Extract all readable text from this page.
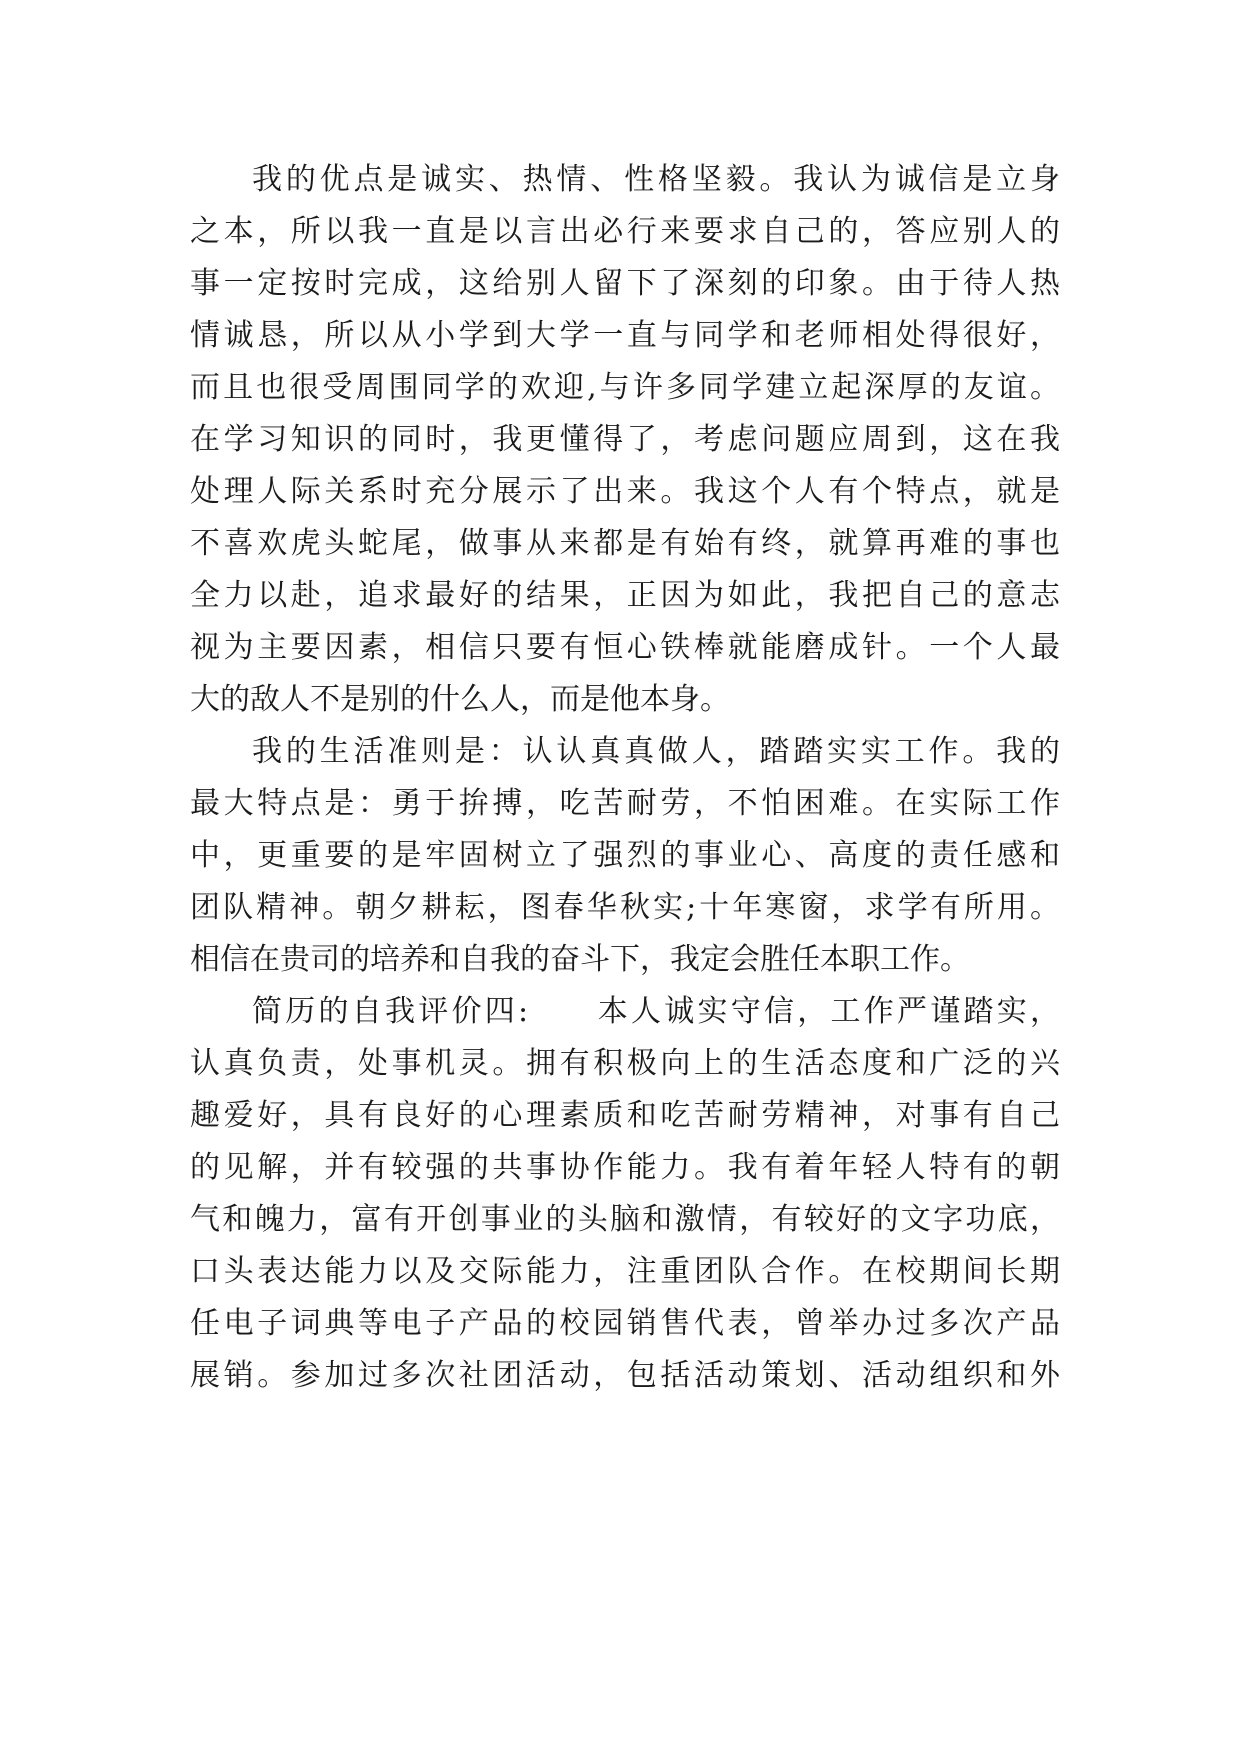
我的优点是诚实、热情、性格坚毅。我认为诚信是立身
之本，所以我一直是以言出必行来要求自己的，答应别人的
事一定按时完成，这给别人留下了深刻的印象。由于待人热
情诚恳，所以从小学到大学一直与同学和老师相处得很好，
而且也很受周围同学的欢迎,与许多同学建立起深厚的友谊。
在学习知识的同时，我更懂得了，考虑问题应周到，这在我
处理人际关系时充分展示了出来。我这个人有个特点，就是
不喜欢虎头蛇尾，做事从来都是有始有终，就算再难的事也
全力以赴，追求最好的结果，正因为如此，我把自己的意志
视为主要因素，相信只要有恒心铁棒就能磨成针。一个人最
大的敌人不是别的什么人，而是他本身。
我的生活准则是：认认真真做人，踏踏实实工作。我的
最大特点是：勇于拚搏，吃苦耐劳，不怕困难。在实际工作
中，更重要的是牢固树立了强烈的事业心、高度的责任感和
团队精神。朝夕耕耘，图春华秋实;十年寒窗，求学有所用。
相信在贵司的培养和自我的奋斗下，我定会胜任本职工作。
简历的自我评价四:　　本人诚实守信，工作严谨踏实，
认真负责，处事机灵。拥有积极向上的生活态度和广泛的兴
趣爱好，具有良好的心理素质和吃苦耐劳精神，对事有自己
的见解，并有较强的共事协作能力。我有着年轻人特有的朝
气和魄力，富有开创事业的头脑和激情，有较好的文字功底，
口头表达能力以及交际能力，注重团队合作。在校期间长期
任电子词典等电子产品的校园销售代表，曾举办过多次产品
展销。参加过多次社团活动，包括活动策划、活动组织和外
